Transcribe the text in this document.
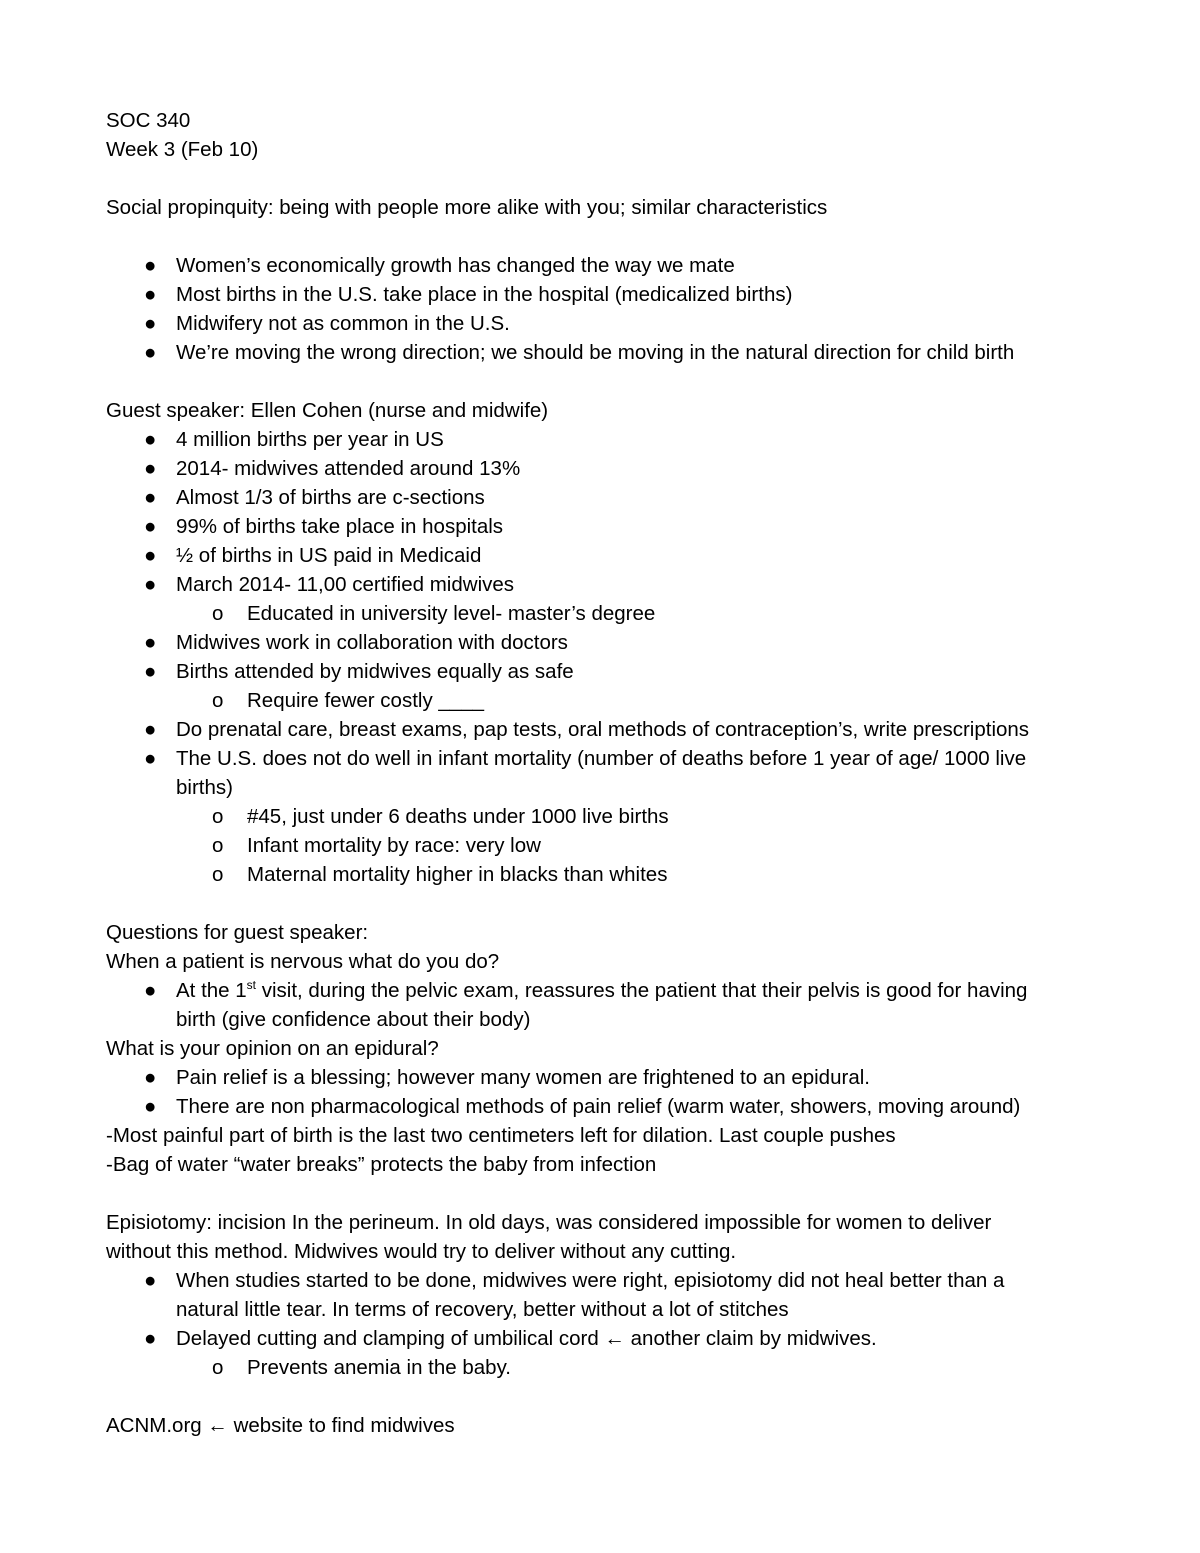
SOC 340

Week 3 (Feb 10)

Social propinquity: being with people more alike with you; similar characteristics

● Women’s economically growth has changed the way we mate
● Most births in the U.S. take place in the hospital (medicalized births)
● Midwifery not as common in the U.S.
● We’re moving the wrong direction; we should be moving in the natural direction for child birth

Guest speaker: Ellen Cohen (nurse and midwife)

● 4 million births per year in US
● 2014- midwives attended around 13%
● Almost 1/3 of births are c-sections
● 99% of births take place in hospitals
● ½ of births in US paid in Medicaid
● March 2014- 11,00 certified midwives
o Educated in university level- master’s degree
● Midwives work in collaboration with doctors
● Births attended by midwives equally as safe
o Require fewer costly ____
● Do prenatal care, breast exams, pap tests, oral methods of contraception’s, write prescriptions
● The U.S. does not do well in infant mortality (number of deaths before 1 year of age/ 1000 live
births)
o #45, just under 6 deaths under 1000 live births
o Infant mortality by race: very low
o Maternal mortality higher in blacks than whites

Questions for guest speaker:

When a patient is nervous what do you do?

● At the 1st visit, during the pelvic exam, reassures the patient that their pelvis is good for having
birth (give confidence about their body)

What is your opinion on an epidural?

● Pain relief is a blessing; however many women are frightened to an epidural.
● There are non pharmacological methods of pain relief (warm water, showers, moving around)

-Most painful part of birth is the last two centimeters left for dilation. Last couple pushes

-Bag of water “water breaks” protects the baby from infection

Episiotomy: incision In the perineum. In old days, was considered impossible for women to deliver

without this method. Midwives would try to deliver without any cutting.

● When studies started to be done, midwives were right, episiotomy did not heal better than a
natural little tear. In terms of recovery, better without a lot of stitches
● Delayed cutting and clamping of umbilical cord ← another claim by midwives.
o Prevents anemia in the baby.

ACNM.org ← website to find midwives
